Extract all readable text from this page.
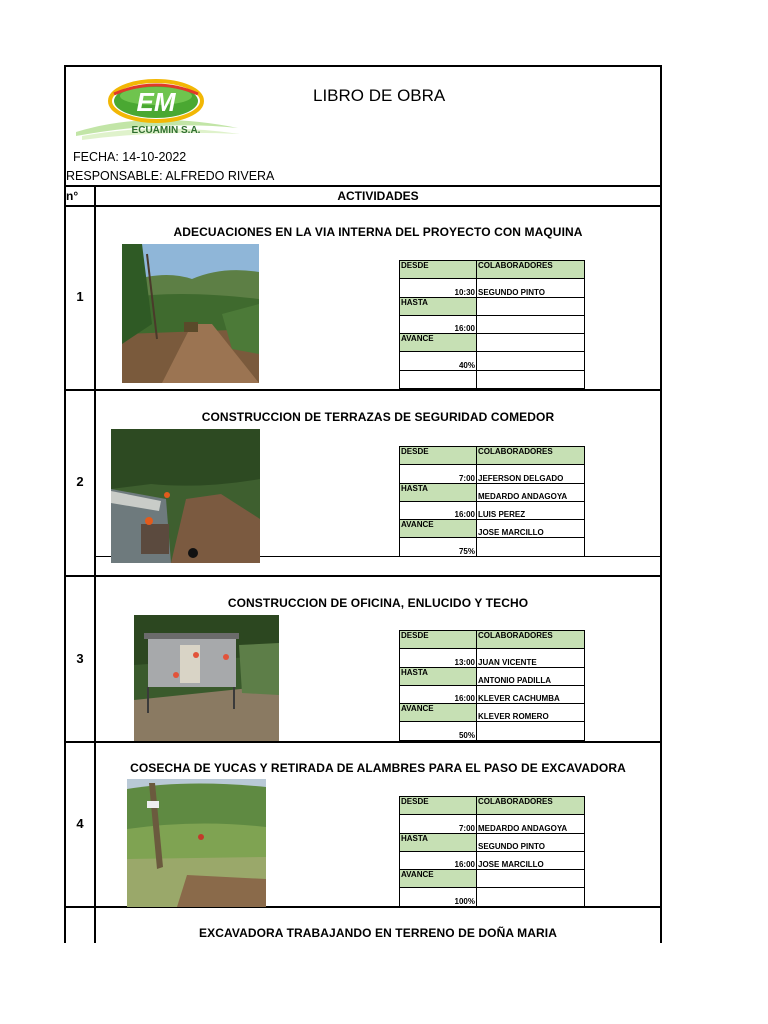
EM
ECUAMIN S.A.
LIBRO DE OBRA
FECHA: 14-10-2022
RESPONSABLE: ALFREDO RIVERA
n°	ACTIVIDADES
1
ADECUACIONES EN LA VIA INTERNA DEL PROYECTO CON MAQUINA
DESDE	COLABORADORES
10:30	SEGUNDO PINTO
HASTA	
16:00	
AVANCE	
40%	

2
CONSTRUCCION DE TERRAZAS DE SEGURIDAD COMEDOR
DESDE	COLABORADORES
7:00	JEFERSON DELGADO
HASTA	MEDARDO ANDAGOYA
16:00	LUIS PEREZ
AVANCE	JOSE MARCILLO
75%	
3
CONSTRUCCION DE OFICINA, ENLUCIDO Y TECHO
DESDE	COLABORADORES
13:00	JUAN VICENTE
HASTA	ANTONIO PADILLA
16:00	KLEVER CACHUMBA
AVANCE	KLEVER ROMERO
50%	
4
COSECHA DE YUCAS Y RETIRADA DE ALAMBRES PARA EL PASO DE EXCAVADORA
DESDE	COLABORADORES
7:00	MEDARDO ANDAGOYA
HASTA	SEGUNDO PINTO
16:00	JOSE MARCILLO
AVANCE	
100%	
EXCAVADORA TRABAJANDO EN TERRENO DE DOÑA MARIA
